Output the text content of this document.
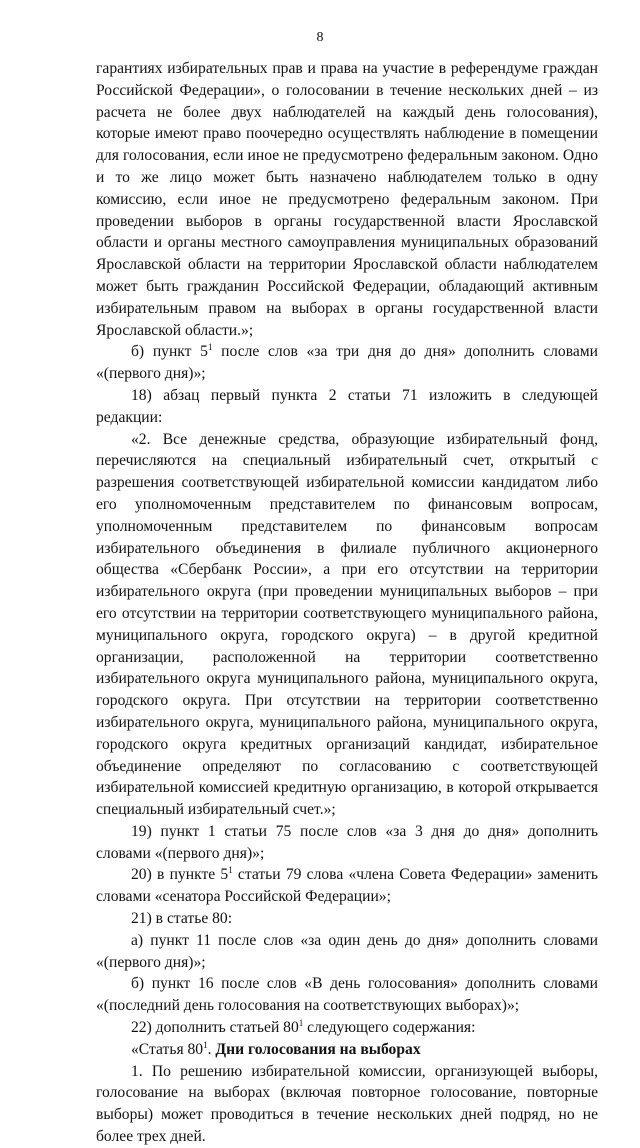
8

гарантиях избирательных прав и права на участие в референдуме граждан Российской Федерации», о голосовании в течение нескольких дней – из расчета не более двух наблюдателей на каждый день голосования), которые имеют право поочередно осуществлять наблюдение в помещении для голосования, если иное не предусмотрено федеральным законом. Одно и то же лицо может быть назначено наблюдателем только в одну комиссию, если иное не предусмотрено федеральным законом. При проведении выборов в органы государственной власти Ярославской области и органы местного самоуправления муниципальных образований Ярославской области на территории Ярославской области наблюдателем может быть гражданин Российской Федерации, обладающий активным избирательным правом на выборах в органы государственной власти Ярославской области.»;

б) пункт $5^1$ после слов «за три дня до дня» дополнить словами «(первого дня)»;

18) абзац первый пункта 2 статьи 71 изложить в следующей редакции:

«2. Все денежные средства, образующие избирательный фонд, перечисляются на специальный избирательный счет, открытый с разрешения соответствующей избирательной комиссии кандидатом либо его уполномоченным представителем по финансовым вопросам, уполномоченным представителем по финансовым вопросам избирательного объединения в филиале публичного акционерного общества «Сбербанк России», а при его отсутствии на территории избирательного округа (при проведении муниципальных выборов – при его отсутствии на территории соответствующего муниципального района, муниципального округа, городского округа) – в другой кредитной организации, расположенной на территории соответственно избирательного округа муниципального района, муниципального округа, городского округа. При отсутствии на территории соответственно избирательного округа, муниципального района, муниципального округа, городского округа кредитных организаций кандидат, избирательное объединение определяют по согласованию с соответствующей избирательной комиссией кредитную организацию, в которой открывается специальный избирательный счет.»;

19) пункт 1 статьи 75 после слов «за 3 дня до дня» дополнить словами «(первого дня)»;

20) в пункте $5^1$ статьи 79 слова «члена Совета Федерации» заменить словами «сенатора Российской Федерации»;

21) в статье 80:

а) пункт 11 после слов «за один день до дня» дополнить словами «(первого дня)»;

б) пункт 16 после слов «В день голосования» дополнить словами «(последний день голосования на соответствующих выборах)»;

22) дополнить статьей $80^1$ следующего содержания:

«Статья $80^1$. Дни голосования на выборах

1. По решению избирательной комиссии, организующей выборы, голосование на выборах (включая повторное голосование, повторные выборы) может проводиться в течение нескольких дней подряд, но не более трех дней.
